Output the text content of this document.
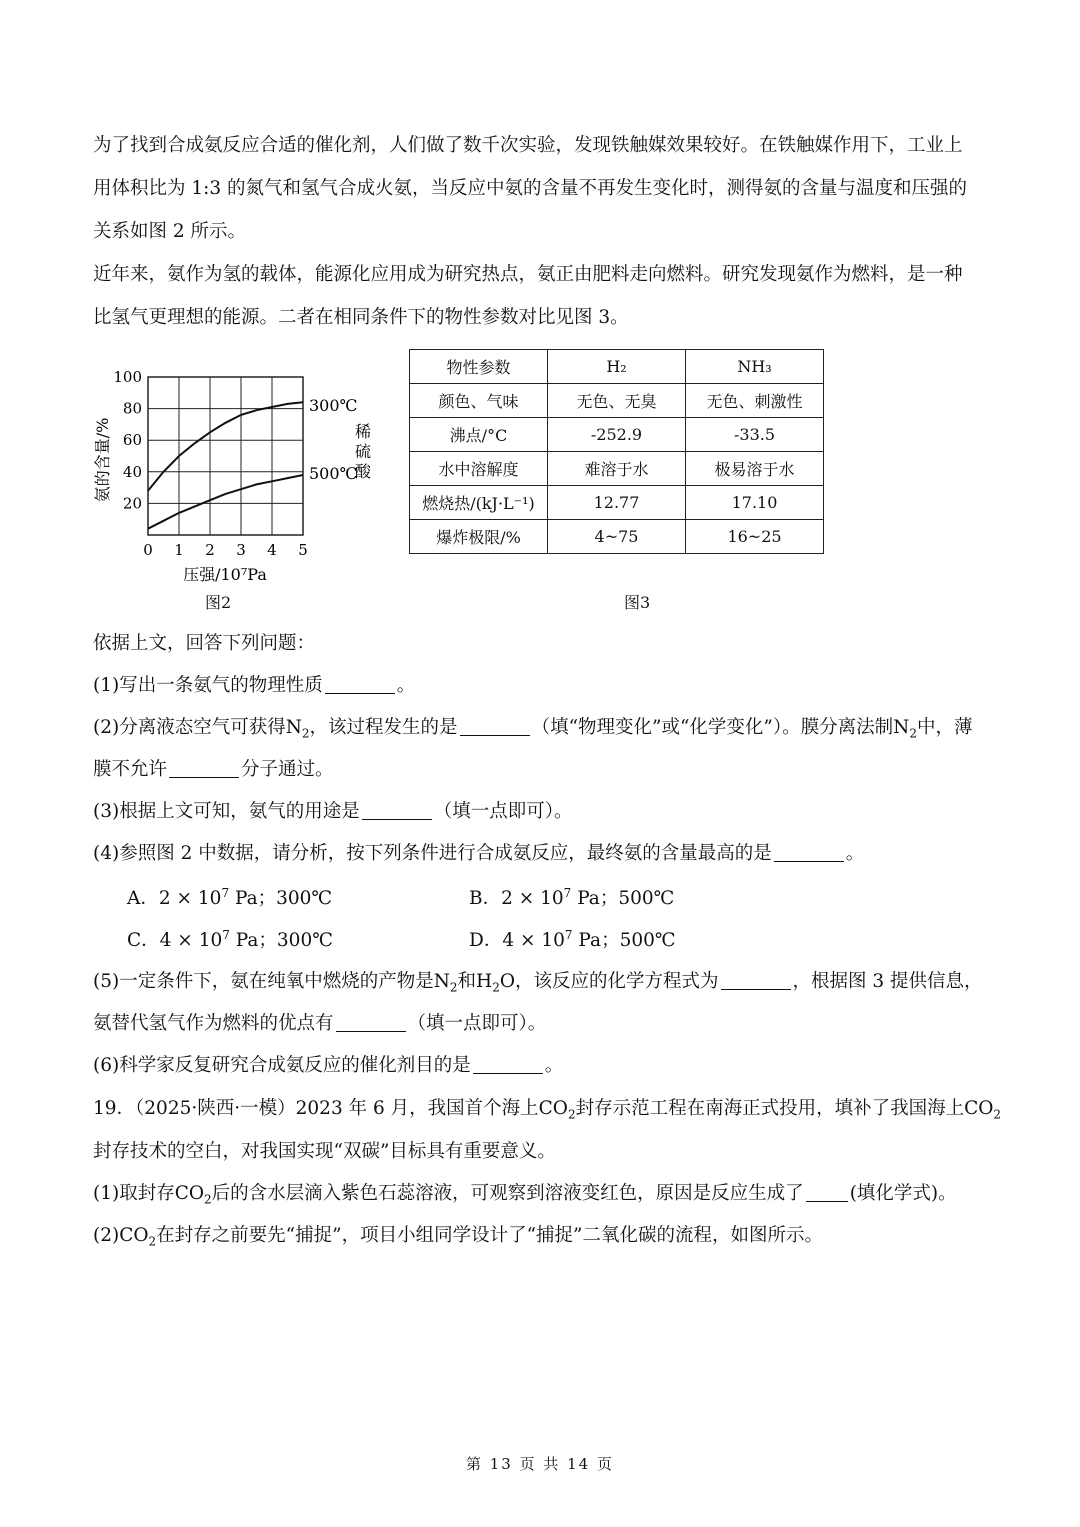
为了找到合成氨反应合适的催化剂，人们做了数千次实验，发现铁触媒效果较好。在铁触媒作用下，工业上
用体积比为 1:3 的氮气和氢气合成火氨，当反应中氨的含量不再发生变化时，测得氨的含量与温度和压强的
关系如图 2 所示。
近年来，氨作为氢的载体，能源化应用成为研究热点，氨正由肥料走向燃料。研究发现氨作为燃料，是一种
比氢气更理想的能源。二者在相同条件下的物性参数对比见图 3。
0 1 2 3 4 5
20
40
60
80
100
压强/10⁷Pa
氨的含量/%
300℃
500℃
稀
硫
酸
图2
物性参数	H₂	NH₃
颜色、气味	无色、无臭	无色、刺激性
沸点/°C	-252.9	-33.5
水中溶解度	难溶于水	极易溶于水
燃烧热/(kJ·L⁻¹)	12.77	17.10
爆炸极限/%	4~75	16~25
图3
依据上文，回答下列问题：
(1)写出一条氨气的物理性质	。
(2)分离液态空气可获得$N_2$，该过程发生的是	（填“物理变化”或“化学变化”）。膜分离法制$N_2$中，薄
膜不允许	分子通过。
(3)根据上文可知，氨气的用途是	（填一点即可）。
(4)参照图 2 中数据，请分析，按下列条件进行合成氨反应，最终氨的含量最高的是	。
A．$2 \times 10^7$ Pa；300℃	B．$2 \times 10^7$ Pa；500℃
C．$4 \times 10^7$ Pa；300℃	D．$4 \times 10^7$ Pa；500℃
(5)一定条件下，氨在纯氧中燃烧的产物是$N_2$和$H_2O$，该反应的化学方程式为	，根据图 3 提供信息，
氨替代氢气作为燃料的优点有	（填一点即可）。
(6)科学家反复研究合成氨反应的催化剂目的是	。
19．（2025·陕西·一模）2023 年 6 月，我国首个海上$CO_2$封存示范工程在南海正式投用，填补了我国海上$CO_2$
封存技术的空白，对我国实现“双碳”目标具有重要意义。
(1)取封存$CO_2$后的含水层滴入紫色石蕊溶液，可观察到溶液变红色，原因是反应生成了 (填化学式)。
$(2)CO_2$在封存之前要先“捕捉”，项目小组同学设计了“捕捉”二氧化碳的流程，如图所示。
第 13 页 共 14 页
